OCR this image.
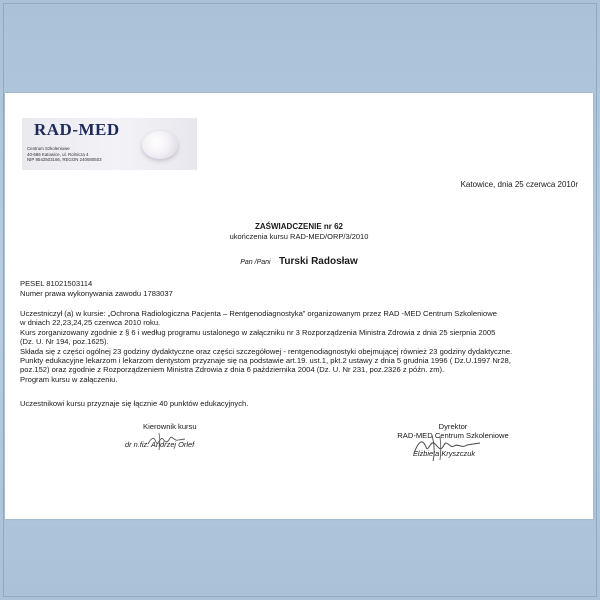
RAD-MED
Centrum Szkoleniowe
40-686 Katowice, ul. Rolnicza 4
NIP 9542503166, REGON 240680503
Katowice, dnia 25 czerwca 2010r
ZAŚWIADCZENIE nr 62
ukończenia kursu RAD-MED/ORP/3/2010
Pan /Pani Turski Radosław
PESEL 81021503114
Numer prawa wykonywania zawodu 1783037
Uczestniczył (a) w kursie: „Ochrona Radiologiczna Pacjenta – Rentgenodiagnostyka” organizowanym przez RAD -MED Centrum Szkoleniowe
w dniach 22,23,24,25 czerwca 2010 roku.
Kurs zorganizowany zgodnie z § 6 i według programu ustalonego w załączniku nr 3 Rozporządzenia Ministra Zdrowia z dnia 25 sierpnia 2005
(Dz. U. Nr 194, poz.1625).
Składa się z części ogólnej 23 godziny dydaktyczne oraz części szczegółowej - rentgenodiagnostyki obejmującej również 23 godziny dydaktyczne.
Punkty edukacyjne lekarzom i lekarzom dentystom przyznaje się na podstawie art.19. ust.1, pkt.2 ustawy z dnia 5 grudnia 1996 ( Dz.U.1997 Nr28,
poz.152) oraz zgodnie z Rozporządzeniem Ministra Zdrowia z dnia 6 października 2004 (Dz. U. Nr 231, poz.2326 z późn. zm).
Program kursu w załączeniu.
Uczestnikowi kursu przyznaje się łącznie 40 punktów edukacyjnych.
Kierownik kursu
dr n.fiz. Andrzej Orlef
Dyrektor
RAD-MED Centrum Szkoleniowe
Elżbieta Kryszczuk
